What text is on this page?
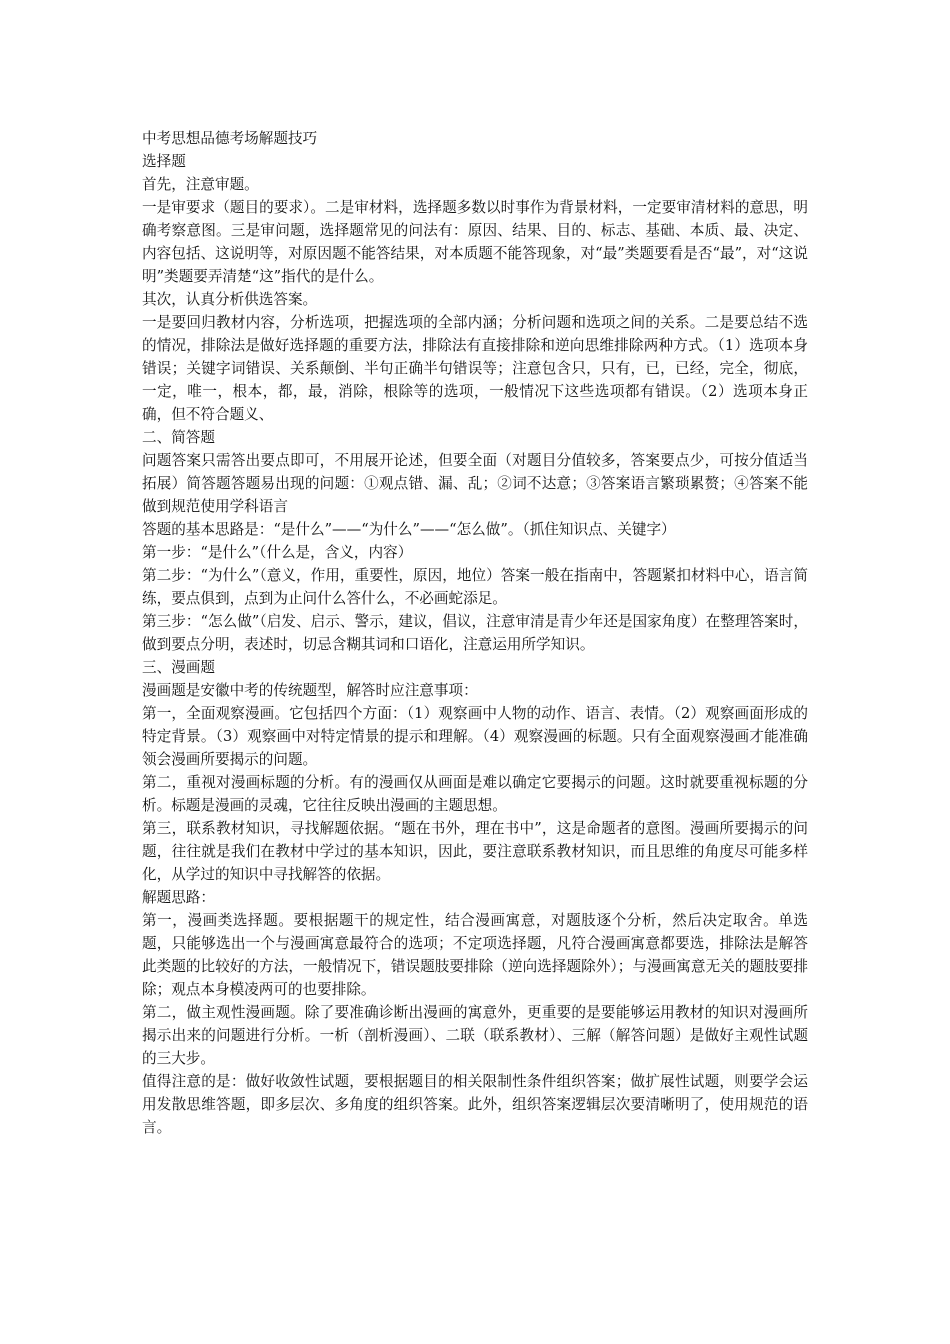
中考思想品德考场解题技巧

选择题

首先，注意审题。

一是审要求（题目的要求）。二是审材料，选择题多数以时事作为背景材料，一定要审清材料的意思，明确考察意图。三是审问题，选择题常见的问法有：原因、结果、目的、标志、基础、本质、最、决定、内容包括、这说明等，对原因题不能答结果，对本质题不能答现象，对“最”类题要看是否“最”，对“这说明”类题要弄清楚“这”指代的是什么。

其次，认真分析供选答案。

一是要回归教材内容，分析选项，把握选项的全部内涵；分析问题和选项之间的关系。二是要总结不选的情况，排除法是做好选择题的重要方法，排除法有直接排除和逆向思维排除两种方式。（1）选项本身错误；关键字词错误、关系颠倒、半句正确半句错误等；注意包含只，只有，已，已经，完全，彻底，一定，唯一，根本，都，最，消除，根除等的选项，一般情况下这些选项都有错误。（2）选项本身正确，但不符合题义、

二、简答题

问题答案只需答出要点即可，不用展开论述，但要全面（对题目分值较多，答案要点少，可按分值适当拓展）简答题答题易出现的问题：①观点错、漏、乱；②词不达意；③答案语言繁琐累赘；④答案不能做到规范使用学科语言

答题的基本思路是：“是什么”——“为什么”——“怎么做”。（抓住知识点、关键字）

第一步：“是什么”（什么是，含义，内容）

第二步：“为什么”（意义，作用，重要性，原因，地位）答案一般在指南中，答题紧扣材料中心，语言简练，要点俱到，点到为止问什么答什么，不必画蛇添足。

第三步：“怎么做”（启发、启示、警示，建议，倡议，注意审清是青少年还是国家角度）在整理答案时，做到要点分明，表述时，切忌含糊其词和口语化，注意运用所学知识。

三、漫画题

漫画题是安徽中考的传统题型，解答时应注意事项：

第一，全面观察漫画。它包括四个方面：（1）观察画中人物的动作、语言、表情。（2）观察画面形成的特定背景。（3）观察画中对特定情景的提示和理解。（4）观察漫画的标题。只有全面观察漫画才能准确领会漫画所要揭示的问题。

第二，重视对漫画标题的分析。有的漫画仅从画面是难以确定它要揭示的问题。这时就要重视标题的分析。标题是漫画的灵魂，它往往反映出漫画的主题思想。

第三，联系教材知识，寻找解题依据。“题在书外，理在书中”，这是命题者的意图。漫画所要揭示的问题，往往就是我们在教材中学过的基本知识，因此，要注意联系教材知识，而且思维的角度尽可能多样化，从学过的知识中寻找解答的依据。

解题思路：

第一，漫画类选择题。要根据题干的规定性，结合漫画寓意，对题肢逐个分析，然后决定取舍。单选题，只能够选出一个与漫画寓意最符合的选项；不定项选择题，凡符合漫画寓意都要选，排除法是解答此类题的比较好的方法，一般情况下，错误题肢要排除（逆向选择题除外）；与漫画寓意无关的题肢要排除；观点本身模凌两可的也要排除。

第二，做主观性漫画题。除了要准确诊断出漫画的寓意外，更重要的是要能够运用教材的知识对漫画所揭示出来的问题进行分析。一析（剖析漫画）、二联（联系教材）、三解（解答问题）是做好主观性试题的三大步。

值得注意的是：做好收敛性试题，要根据题目的相关限制性条件组织答案；做扩展性试题，则要学会运用发散思维答题，即多层次、多角度的组织答案。此外，组织答案逻辑层次要清晰明了，使用规范的语言。
